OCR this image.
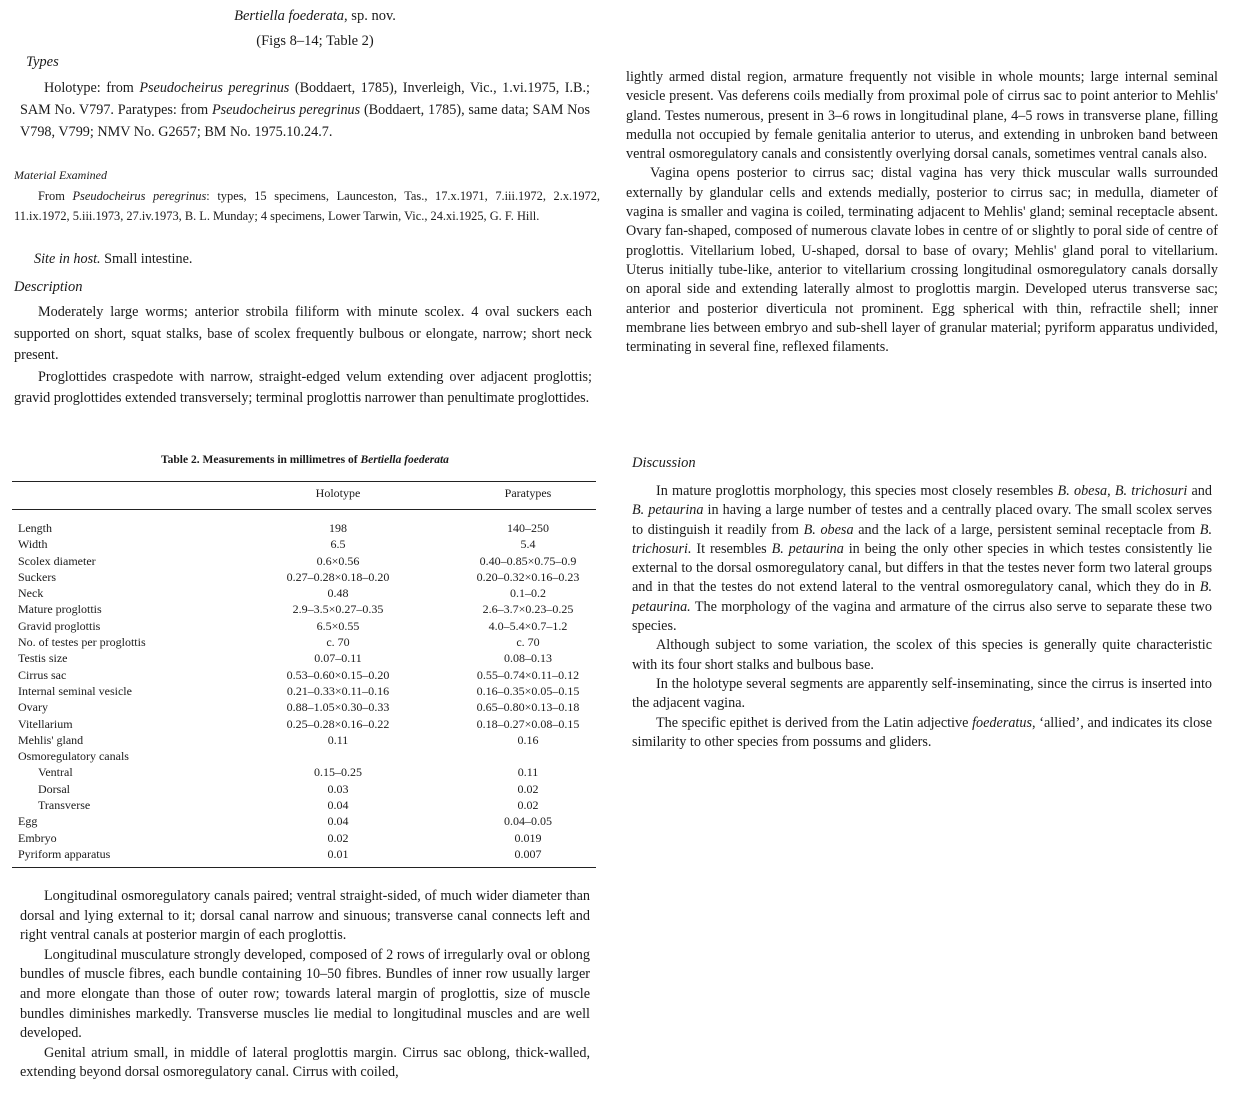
Bertiella foederata, sp. nov.
(Figs 8–14; Table 2)
Types

Holotype: from Pseudocheirus peregrinus (Boddaert, 1785), Inverleigh, Vic., 1.vi.1975, I.B.; SAM No. V797. Paratypes: from Pseudocheirus peregrinus (Boddaert, 1785), same data; SAM Nos V798, V799; NMV No. G2657; BM No. 1975.10.24.7.

Material Examined

From Pseudocheirus peregrinus: types, 15 specimens, Launceston, Tas., 17.x.1971, 7.iii.1972, 2.x.1972, 11.ix.1972, 5.iii.1973, 27.iv.1973, B. L. Munday; 4 specimens, Lower Tarwin, Vic., 24.xi.1925, G. F. Hill.

Site in host. Small intestine.

Description

Moderately large worms; anterior strobila filiform with minute scolex. 4 oval suckers each supported on short, squat stalks, base of scolex frequently bulbous or elongate, narrow; short neck present.

Proglottides craspedote with narrow, straight-edged velum extending over adjacent proglottis; gravid proglottides extended transversely; terminal proglottis narrower than penultimate proglottides.

Table 2. Measurements in millimetres of Bertiella foederata
Holotype	Paratypes
Length	198		140–250
Width	6.5		5.4
Scolex diameter	0.6×0.56		0.40–0.85×0.75–0.9
Suckers	0.27–0.28×0.18–0.20		0.20–0.32×0.16–0.23
Neck	0.48		0.1–0.2
Mature proglottis	2.9–3.5×0.27–0.35		2.6–3.7×0.23–0.25
Gravid proglottis	6.5×0.55		4.0–5.4×0.7–1.2
No. of testes per proglottis	c. 70		c. 70
Testis size	0.07–0.11		0.08–0.13
Cirrus sac	0.53–0.60×0.15–0.20		0.55–0.74×0.11–0.12
Internal seminal vesicle	0.21–0.33×0.11–0.16		0.16–0.35×0.05–0.15
Ovary	0.88–1.05×0.30–0.33		0.65–0.80×0.13–0.18
Vitellarium	0.25–0.28×0.16–0.22		0.18–0.27×0.08–0.15
Mehlis' gland	0.11		0.16
Osmoregulatory canals			
Ventral	0.15–0.25		0.11
Dorsal	0.03		0.02
Transverse	0.04		0.02
Egg	0.04		0.04–0.05
Embryo	0.02		0.019
Pyriform apparatus	0.01		0.007

Longitudinal osmoregulatory canals paired; ventral straight-sided, of much wider diameter than dorsal and lying external to it; dorsal canal narrow and sinuous; transverse canal connects left and right ventral canals at posterior margin of each proglottis.

Longitudinal musculature strongly developed, composed of 2 rows of irregularly oval or oblong bundles of muscle fibres, each bundle containing 10–50 fibres. Bundles of inner row usually larger and more elongate than those of outer row; towards lateral margin of proglottis, size of muscle bundles diminishes markedly. Transverse muscles lie medial to longitudinal muscles and are well developed.

Genital atrium small, in middle of lateral proglottis margin. Cirrus sac oblong, thick-walled, extending beyond dorsal osmoregulatory canal. Cirrus with coiled,

lightly armed distal region, armature frequently not visible in whole mounts; large internal seminal vesicle present. Vas deferens coils medially from proximal pole of cirrus sac to point anterior to Mehlis' gland. Testes numerous, present in 3–6 rows in longitudinal plane, 4–5 rows in transverse plane, filling medulla not occupied by female genitalia anterior to uterus, and extending in unbroken band between ventral osmoregulatory canals and consistently overlying dorsal canals, sometimes ventral canals also.

Vagina opens posterior to cirrus sac; distal vagina has very thick muscular walls surrounded externally by glandular cells and extends medially, posterior to cirrus sac; in medulla, diameter of vagina is smaller and vagina is coiled, terminating adjacent to Mehlis' gland; seminal receptacle absent. Ovary fan-shaped, composed of numerous clavate lobes in centre of or slightly to poral side of centre of proglottis. Vitellarium lobed, U-shaped, dorsal to base of ovary; Mehlis' gland poral to vitellarium. Uterus initially tube-like, anterior to vitellarium crossing longitudinal osmoregulatory canals dorsally on aporal side and extending laterally almost to proglottis margin. Developed uterus transverse sac; anterior and posterior diverticula not prominent. Egg spherical with thin, refractile shell; inner membrane lies between embryo and sub-shell layer of granular material; pyriform apparatus undivided, terminating in several fine, reflexed filaments.

Discussion

In mature proglottis morphology, this species most closely resembles B. obesa, B. trichosuri and B. petaurina in having a large number of testes and a centrally placed ovary. The small scolex serves to distinguish it readily from B. obesa and the lack of a large, persistent seminal receptacle from B. trichosuri. It resembles B. petaurina in being the only other species in which testes consistently lie external to the dorsal osmoregulatory canal, but differs in that the testes never form two lateral groups and in that the testes do not extend lateral to the ventral osmoregulatory canal, which they do in B. petaurina. The morphology of the vagina and armature of the cirrus also serve to separate these two species.

Although subject to some variation, the scolex of this species is generally quite characteristic with its four short stalks and bulbous base.

In the holotype several segments are apparently self-inseminating, since the cirrus is inserted into the adjacent vagina.

The specific epithet is derived from the Latin adjective foederatus, ‘allied’, and indicates its close similarity to other species from possums and gliders.
